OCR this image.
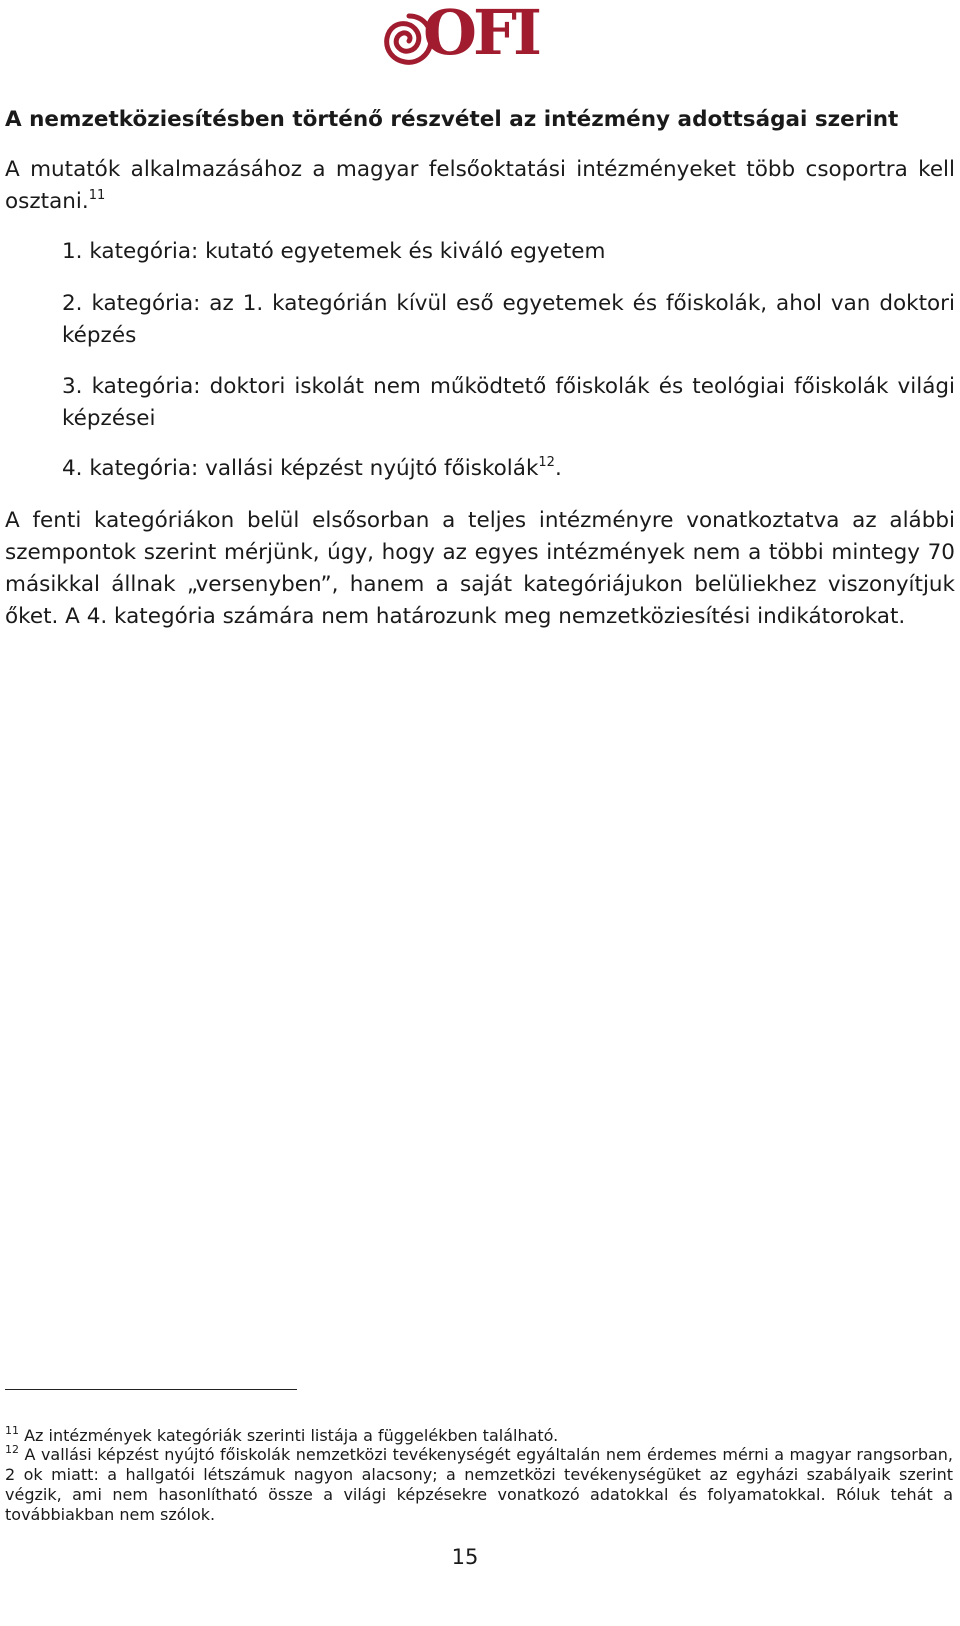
OFI
A nemzetköziesítésben történő részvétel az intézmény adottságai szerint

A mutatók alkalmazásához a magyar felsőoktatási intézményeket több csoportra kell osztani.$^{11}$

1. kategória: kutató egyetemek és kiváló egyetem

2. kategória: az 1. kategórián kívül eső egyetemek és főiskolák, ahol van doktori képzés

3. kategória: doktori iskolát nem működtető főiskolák és teológiai főiskolák világi képzései

4. kategória: vallási képzést nyújtó főiskolák$^{12}$.

A fenti kategóriákon belül elsősorban a teljes intézményre vonatkoztatva az alábbi szempontok szerint mérjünk, úgy, hogy az egyes intézmények nem a többi mintegy 70 másikkal állnak „versenyben”, hanem a saját kategóriájukon belüliekhez viszonyítjuk őket. A 4. kategória számára nem határozunk meg nemzetköziesítési indikátorokat.

$^{11}$ Az intézmények kategóriák szerinti listája a függelékben található.

$^{12}$ A vallási képzést nyújtó főiskolák nemzetközi tevékenységét egyáltalán nem érdemes mérni a magyar rangsorban, 2 ok miatt: a hallgatói létszámuk nagyon alacsony; a nemzetközi tevékenységüket az egyházi szabályaik szerint végzik, ami nem hasonlítható össze a világi képzésekre vonatkozó adatokkal és folyamatokkal. Róluk tehát a továbbiakban nem szólok.

15
